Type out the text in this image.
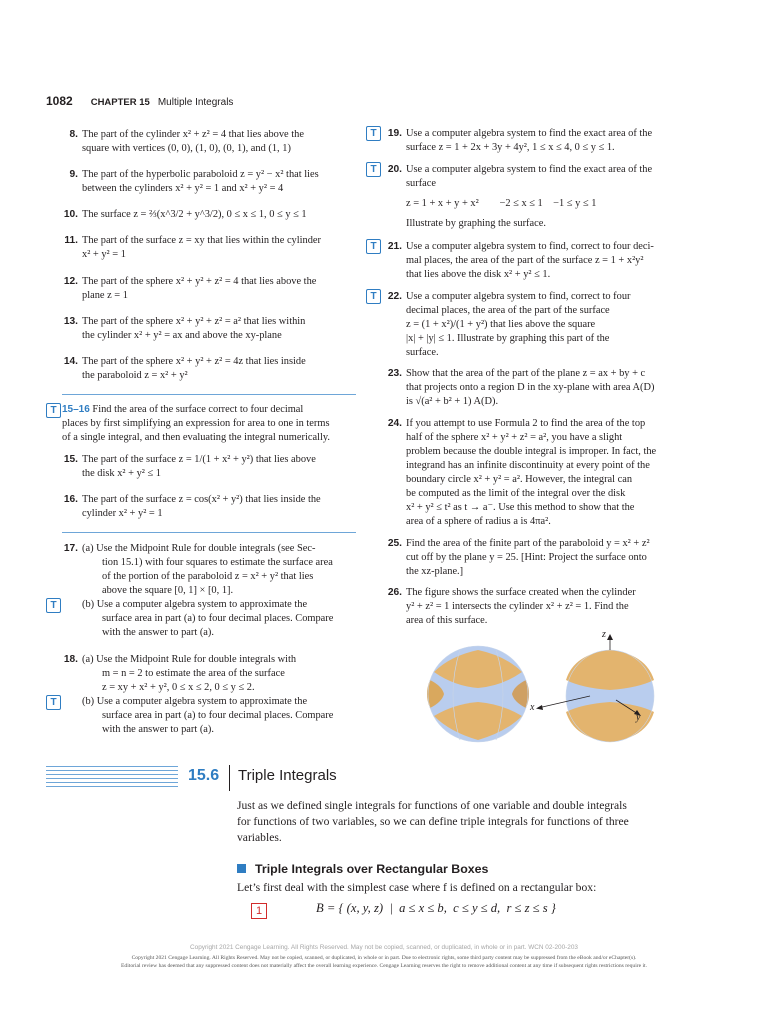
1082 CHAPTER 15 Multiple Integrals
8. The part of the cylinder x² + z² = 4 that lies above the
square with vertices (0, 0), (1, 0), (0, 1), and (1, 1)
9. The part of the hyperbolic paraboloid z = y² − x² that lies
between the cylinders x² + y² = 1 and x² + y² = 4
10. The surface z = ⅔(x^3/2 + y^3/2), 0 ≤ x ≤ 1, 0 ≤ y ≤ 1
11. The part of the surface z = xy that lies within the cylinder
x² + y² = 1
12. The part of the sphere x² + y² + z² = 4 that lies above the
plane z = 1
13. The part of the sphere x² + y² + z² = a² that lies within
the cylinder x² + y² = ax and above the xy-plane
14. The part of the sphere x² + y² + z² = 4z that lies inside
the paraboloid z = x² + y²
T 15–16 Find the area of the surface correct to four decimal
places by first simplifying an expression for area to one in terms
of a single integral, and then evaluating the integral numerically.
15. The part of the surface z = 1/(1 + x² + y²) that lies above
the disk x² + y² ≤ 1
16. The part of the surface z = cos(x² + y²) that lies inside the
cylinder x² + y² = 1
17. (a) Use the Midpoint Rule for double integrals (see Sec-
tion 15.1) with four squares to estimate the surface area
of the portion of the paraboloid z = x² + y² that lies
above the square [0, 1] × [0, 1].
(b) Use a computer algebra system to approximate the
surface area in part (a) to four decimal places. Compare
with the answer to part (a).
T
18. (a) Use the Midpoint Rule for double integrals with
m = n = 2 to estimate the area of the surface
z = xy + x² + y², 0 ≤ x ≤ 2, 0 ≤ y ≤ 2.
(b) Use a computer algebra system to approximate the
surface area in part (a) to four decimal places. Compare
with the answer to part (a).
T
T	19. Use a computer algebra system to find the exact area of the
surface z = 1 + 2x + 3y + 4y², 1 ≤ x ≤ 4, 0 ≤ y ≤ 1.
T	20. Use a computer algebra system to find the exact area of the
surface
z = 1 + x + y + x²        −2 ≤ x ≤ 1    −1 ≤ y ≤ 1
Illustrate by graphing the surface.
T	21. Use a computer algebra system to find, correct to four deci-
mal places, the area of the part of the surface z = 1 + x²y²
that lies above the disk x² + y² ≤ 1.
T	22. Use a computer algebra system to find, correct to four
decimal places, the area of the part of the surface
z = (1 + x²)/(1 + y²) that lies above the square
|x| + |y| ≤ 1. Illustrate by graphing this part of the
surface.
23. Show that the area of the part of the plane z = ax + by + c
that projects onto a region D in the xy-plane with area A(D)
is √(a² + b² + 1) A(D).
24. If you attempt to use Formula 2 to find the area of the top
half of the sphere x² + y² + z² = a², you have a slight
problem because the double integral is improper. In fact, the
integrand has an infinite discontinuity at every point of the
boundary circle x² + y² = a². However, the integral can
be computed as the limit of the integral over the disk
x² + y² ≤ t² as t → a⁻. Use this method to show that the
area of a sphere of radius a is 4πa².
25. Find the area of the finite part of the paraboloid y = x² + z²
cut off by the plane y = 25. [Hint: Project the surface onto
the xz-plane.]
26. The figure shows the surface created when the cylinder
y² + z² = 1 intersects the cylinder x² + z² = 1. Find the
area of this surface.
z
x
y
15.6 Triple Integrals
Just as we defined single integrals for functions of one variable and double integrals
for functions of two variables, so we can define triple integrals for functions of three
variables.
Triple Integrals over Rectangular Boxes
Let’s first deal with the simplest case where f is defined on a rectangular box:
1	B = { (x, y, z)  |  a ≤ x ≤ b,  c ≤ y ≤ d,  r ≤ z ≤ s }
Copyright 2021 Cengage Learning. All Rights Reserved. May not be copied, scanned, or duplicated, in whole or in part. WCN 02-200-203
Copyright 2021 Cengage Learning. All Rights Reserved. May not be copied, scanned, or duplicated, in whole or in part. Due to electronic rights, some third party content may be suppressed from the eBook and/or eChapter(s).
Editorial review has deemed that any suppressed content does not materially affect the overall learning experience. Cengage Learning reserves the right to remove additional content at any time if subsequent rights restrictions require it.
